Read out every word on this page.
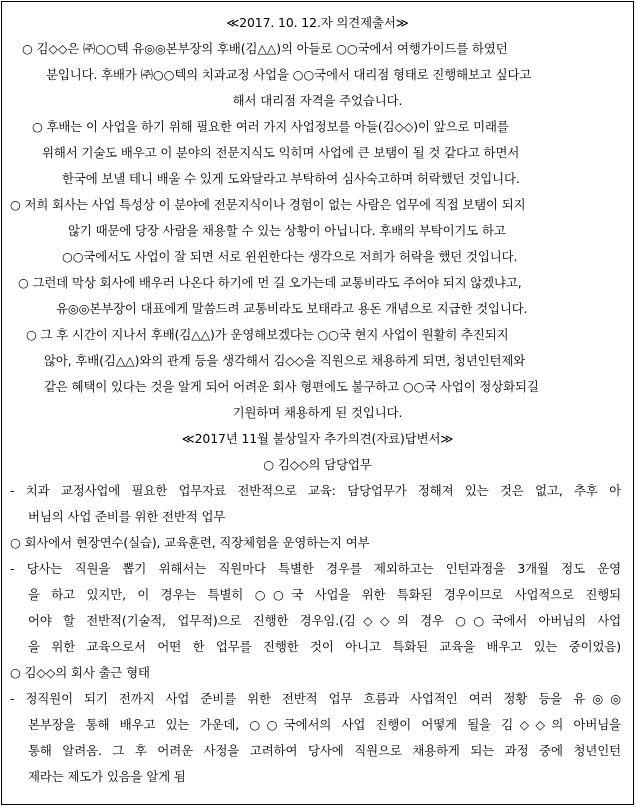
≪2017. 10. 12.자 의견제출서≫
○ 김◇◇은 ㈜○○텍 유◎◎본부장의 후배(김△△)의 아들로 ○○국에서 여행가이드를 하였던
분입니다. 후배가 ㈜○○텍의 치과교정 사업을 ○○국에서 대리점 형태로 진행해보고 싶다고
해서 대리점 자격을 주었습니다.
○ 후배는 이 사업을 하기 위해 필요한 여러 가지 사업정보를 아들(김◇◇)이 앞으로 미래를
위해서 기술도 배우고 이 분야의 전문지식도 익히며 사업에 큰 보탬이 될 것 같다고 하면서
한국에 보낼 테니 배울 수 있게 도와달라고 부탁하여 심사숙고하며 허락했던 것입니다.
○ 저희 회사는 사업 특성상 이 분야에 전문지식이나 경험이 없는 사람은 업무에 직접 보탬이 되지
않기 때문에 당장 사람을 채용할 수 있는 상황이 아닙니다. 후배의 부탁이기도 하고
○○국에서도 사업이 잘 되면 서로 윈윈한다는 생각으로 저희가 허락을 했던 것입니다.
○ 그런데 막상 회사에 배우러 나온다 하기에 먼 길 오가는데 교통비라도 주어야 되지 않겠냐고,
유◎◎본부장이 대표에게 말씀드려 교통비라도 보태라고 용돈 개념으로 지급한 것입니다.
○ 그 후 시간이 지나서 후배(김△△)가 운영해보겠다는 ○○국 현지 사업이 원활히 추진되지
않아, 후배(김△△)와의 관계 등을 생각해서 김◇◇을 직원으로 채용하게 되면, 청년인턴제와
같은 혜택이 있다는 것을 알게 되어 어려운 회사 형편에도 불구하고 ○○국 사업이 정상화되길
기원하며 채용하게 된 것입니다.
≪2017년 11월 불상일자 추가의견(자료)답변서≫
○ 김◇◇의 담당업무
- 치과 교정사업에 필요한 업무자료 전반적으로 교육: 담당업무가 정해져 있는 것은 없고, 추후 아
버님의 사업 준비를 위한 전반적 업무
○ 회사에서 현장연수(실습), 교육훈련, 직장체험을 운영하는지 여부
- 당사는 직원을 뽑기 위해서는 직원마다 특별한 경우를 제외하고는 인턴과정을 3개월 정도 운영
을 하고 있지만, 이 경우는 특별히 ○○국 사업을 위한 특화된 경우이므로 사업적으로 진행되
어야 할 전반적(기술적, 업무적)으로 진행한 경우임.(김◇◇의 경우 ○○국에서 아버님의 사업
을 위한 교육으로서 어떤 한 업무를 진행한 것이 아니고 특화된 교육을 배우고 있는 중이었음)
○ 김◇◇의 회사 출근 형태
- 정직원이 되기 전까지 사업 준비를 위한 전반적 업무 흐름과 사업적인 여러 정황 등을 유◎◎
본부장을 통해 배우고 있는 가운데, ○○국에서의 사업 진행이 어떻게 될을 김◇◇의 아버님을
통해 알려옴. 그 후 어려운 사정을 고려하여 당사에 직원으로 채용하게 되는 과정 중에 청년인턴
제라는 제도가 있음을 알게 됨
